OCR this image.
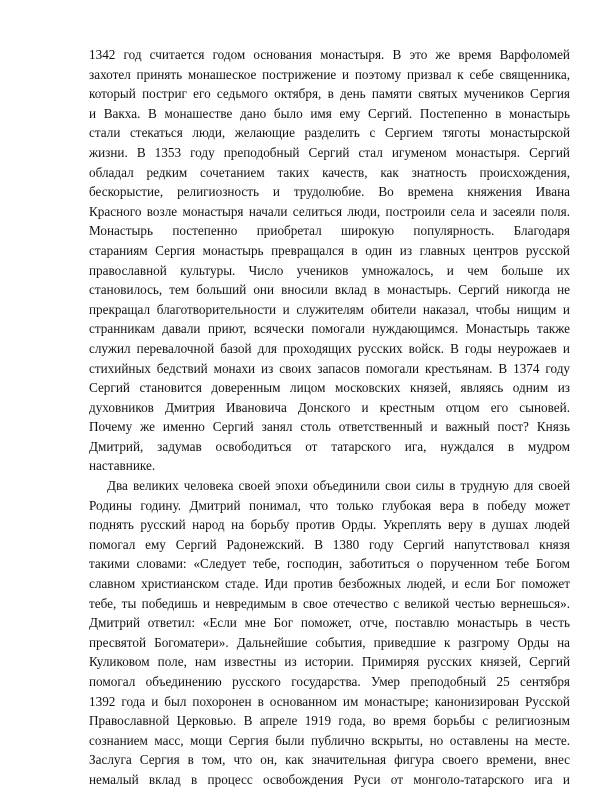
1342 год считается годом основания монастыря. В это же время Варфоломей
захотел принять монашеское пострижение и поэтому призвал к себе священника,
который постриг его седьмого октября, в день памяти святых мучеников Сергия
и Вакха. В монашестве дано было имя ему Сергий. Постепенно в монастырь
стали стекаться люди, желающие разделить с Сергием тяготы монастырской
жизни. В 1353 году преподобный Сергий стал игуменом монастыря. Сергий
обладал редким сочетанием таких качеств, как знатность происхождения,
бескорыстие, религиозность и трудолюбие. Во времена княжения Ивана
Красного возле монастыря начали селиться люди, построили села и засеяли поля.
Монастырь постепенно приобретал широкую популярность. Благодаря
стараниям Сергия монастырь превращался в один из главных центров русской
православной культуры. Число учеников умножалось, и чем больше их
становилось, тем больший они вносили вклад в монастырь. Сергий никогда не
прекращал благотворительности и служителям обители наказал, чтобы нищим и
странникам давали приют, всячески помогали нуждающимся. Монастырь также
служил перевалочной базой для проходящих русских войск. В годы неурожаев и
стихийных бедствий монахи из своих запасов помогали крестьянам. В 1374 году
Сергий становится доверенным лицом московских князей, являясь одним из
духовников Дмитрия Ивановича Донского и крестным отцом его сыновей.
Почему же именно Сергий занял столь ответственный и важный пост? Князь
Дмитрий, задумав освободиться от татарского ига, нуждался в мудром
наставнике.
Два великих человека своей эпохи объединили свои силы в трудную для своей
Родины годину. Дмитрий понимал, что только глубокая вера в победу может
поднять русский народ на борьбу против Орды. Укреплять веру в душах людей
помогал ему Сергий Радонежский. В 1380 году Сергий напутствовал князя
такими словами: «Следует тебе, господин, заботиться о порученном тебе Богом
славном христианском стаде. Иди против безбожных людей, и если Бог поможет
тебе, ты победишь и невредимым в свое отечество с великой честью вернешься».
Дмитрий ответил: «Если мне Бог поможет, отче, поставлю монастырь в честь
пресвятой Богоматери». Дальнейшие события, приведшие к разгрому Орды на
Куликовом поле, нам известны из истории. Примиряя русских князей, Сергий
помогал объединению русского государства. Умер преподобный 25 сентября
1392 года и был похоронен в основанном им монастыре; канонизирован Русской
Православной Церковью. В апреле 1919 года, во время борьбы с религиозным
сознанием масс, мощи Сергия были публично вскрыты, но оставлены на месте.
Заслуга Сергия в том, что он, как значительная фигура своего времени, внес
немалый вклад в процесс освобождения Руси от монголо-татарского ига и
